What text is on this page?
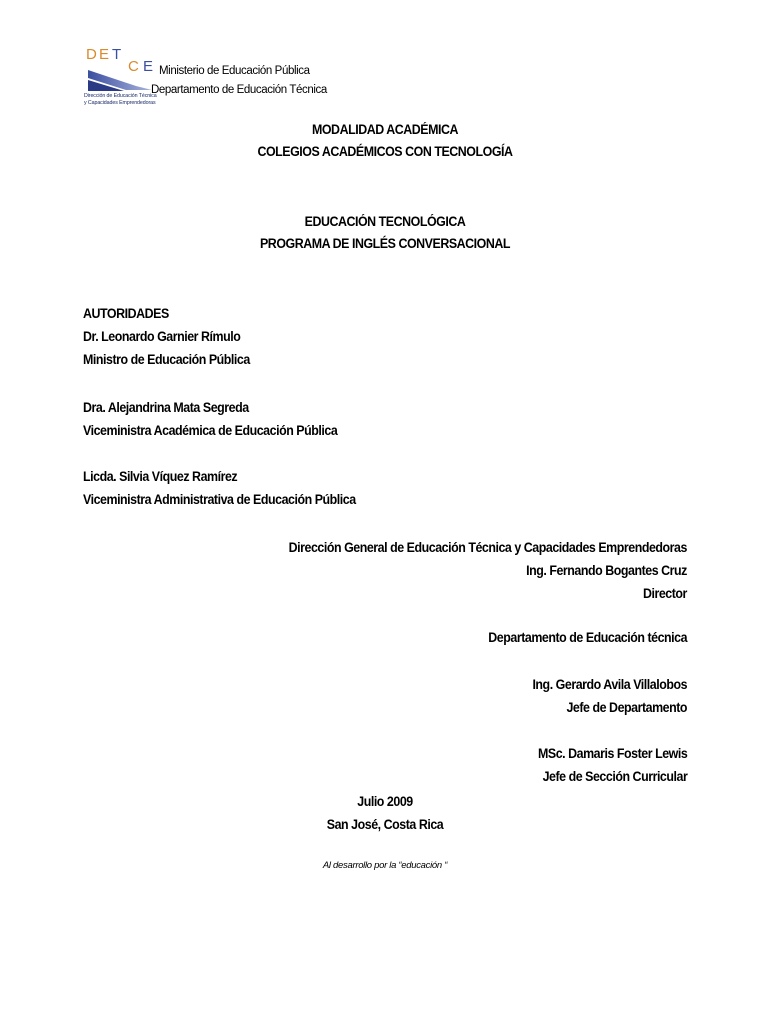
D E T
C E
Dirección de Educación Técnica
y Capacidades Emprendedoras
Ministerio de Educación Pública
Departamento de Educación Técnica
MODALIDAD ACADÉMICA
COLEGIOS ACADÉMICOS CON TECNOLOGÍA
EDUCACIÓN TECNOLÓGICA
PROGRAMA DE INGLÉS CONVERSACIONAL
AUTORIDADES
Dr. Leonardo Garnier Rímulo
Ministro de Educación Pública
Dra. Alejandrina Mata Segreda
Viceministra Académica de Educación Pública
Licda. Silvia Víquez Ramírez
Viceministra Administrativa de Educación Pública
Dirección General de Educación Técnica y Capacidades Emprendedoras
Ing. Fernando Bogantes Cruz
Director
Departamento de Educación técnica
Ing. Gerardo Avila Villalobos
Jefe de Departamento
MSc. Damaris Foster Lewis
Jefe de Sección Curricular
Julio 2009
San José, Costa Rica
Al desarrollo por la “educación “
